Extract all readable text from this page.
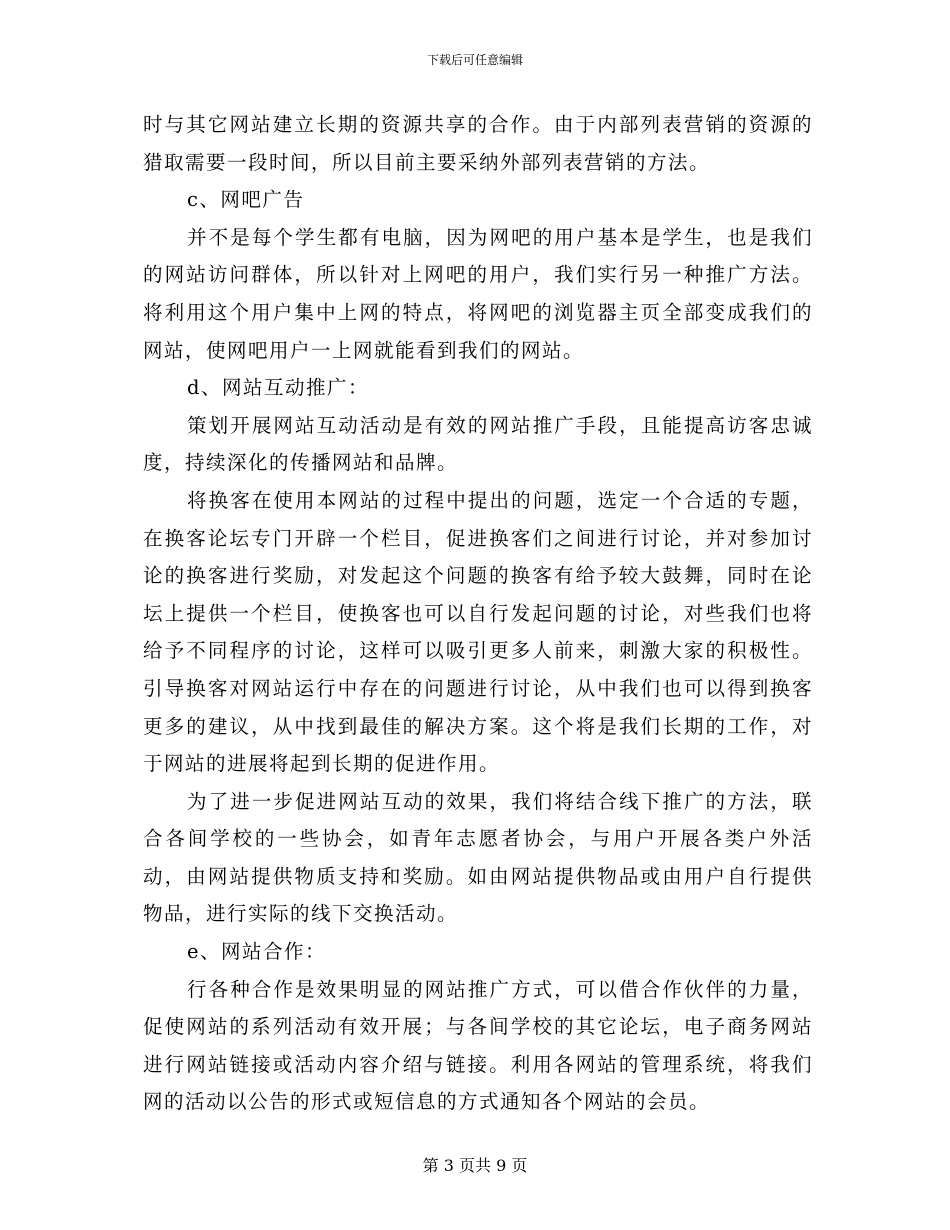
下载后可任意编辑

时与其它网站建立长期的资源共享的合作。由于内部列表营销的资源的猎取需要一段时间，所以目前主要采纳外部列表营销的方法。

c、网吧广告

并不是每个学生都有电脑，因为网吧的用户基本是学生，也是我们的网站访问群体，所以针对上网吧的用户，我们实行另一种推广方法。将利用这个用户集中上网的特点，将网吧的浏览器主页全部变成我们的网站，使网吧用户一上网就能看到我们的网站。

d、网站互动推广：

策划开展网站互动活动是有效的网站推广手段，且能提高访客忠诚度，持续深化的传播网站和品牌。

将换客在使用本网站的过程中提出的问题，选定一个合适的专题，在换客论坛专门开辟一个栏目，促进换客们之间进行讨论，并对参加讨论的换客进行奖励，对发起这个问题的换客有给予较大鼓舞，同时在论坛上提供一个栏目，使换客也可以自行发起问题的讨论，对些我们也将给予不同程序的讨论，这样可以吸引更多人前来，刺激大家的积极性。引导换客对网站运行中存在的问题进行讨论，从中我们也可以得到换客更多的建议，从中找到最佳的解决方案。这个将是我们长期的工作，对于网站的进展将起到长期的促进作用。

为了进一步促进网站互动的效果，我们将结合线下推广的方法，联合各间学校的一些协会，如青年志愿者协会，与用户开展各类户外活动，由网站提供物质支持和奖励。如由网站提供物品或由用户自行提供物品，进行实际的线下交换活动。

e、网站合作：

行各种合作是效果明显的网站推广方式，可以借合作伙伴的力量，促使网站的系列活动有效开展；与各间学校的其它论坛，电子商务网站进行网站链接或活动内容介绍与链接。利用各网站的管理系统，将我们网的活动以公告的形式或短信息的方式通知各个网站的会员。

第 3 页共 9 页
